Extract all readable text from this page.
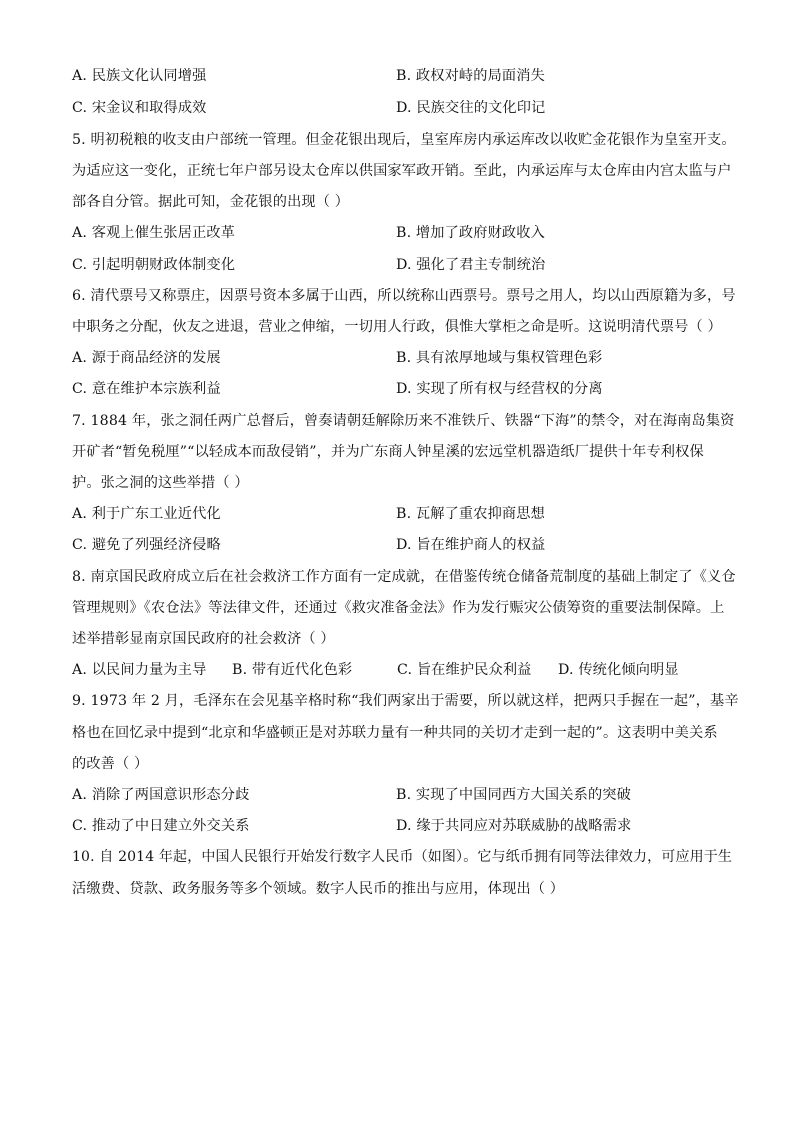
A. 民族文化认同增强	B. 政权对峙的局面消失
C. 宋金议和取得成效	D. 民族交往的文化印记
5. 明初税粮的收支由户部统一管理。但金花银出现后，皇室库房内承运库改以收贮金花银作为皇室开支。
为适应这一变化，正统七年户部另设太仓库以供国家军政开销。至此，内承运库与太仓库由内宫太监与户
部各自分管。据此可知，金花银的出现（ ）
A. 客观上催生张居正改革	B. 增加了政府财政收入
C. 引起明朝财政体制变化	D. 强化了君主专制统治
6. 清代票号又称票庄，因票号资本多属于山西，所以统称山西票号。票号之用人，均以山西原籍为多，号
中职务之分配，伙友之进退，营业之伸缩，一切用人行政，俱惟大掌柜之命是听。这说明清代票号（ ）
A. 源于商品经济的发展	B. 具有浓厚地域与集权管理色彩
C. 意在维护本宗族利益	D. 实现了所有权与经营权的分离
7. 1884 年，张之洞任两广总督后，曾奏请朝廷解除历来不准铁斤、铁器“下海”的禁令，对在海南岛集资
开矿者“暂免税厘”“以轻成本而敌侵销”，并为广东商人钟星溪的宏远堂机器造纸厂提供十年专利权保
护。张之洞的这些举措（ ）
A. 利于广东工业近代化	B. 瓦解了重农抑商思想
C. 避免了列强经济侵略	D. 旨在维护商人的权益
8. 南京国民政府成立后在社会救济工作方面有一定成就，在借鉴传统仓储备荒制度的基础上制定了《义仓
管理规则》《农仓法》等法律文件，还通过《救灾准备金法》作为发行赈灾公债筹资的重要法制保障。上
述举措彰显南京国民政府的社会救济（ ）
A. 以民间力量为主导 B. 带有近代化色彩	C. 旨在维护民众利益 D. 传统化倾向明显
9. 1973 年 2 月，毛泽东在会见基辛格时称“我们两家出于需要，所以就这样，把两只手握在一起”，基辛
格也在回忆录中提到“北京和华盛顿正是对苏联力量有一种共同的关切才走到一起的”。这表明中美关系
的改善（ ）
A. 消除了两国意识形态分歧	B. 实现了中国同西方大国关系的突破
C. 推动了中日建立外交关系	D. 缘于共同应对苏联威胁的战略需求
10. 自 2014 年起，中国人民银行开始发行数字人民币（如图）。它与纸币拥有同等法律效力，可应用于生
活缴费、贷款、政务服务等多个领域。数字人民币的推出与应用，体现出（ ）
